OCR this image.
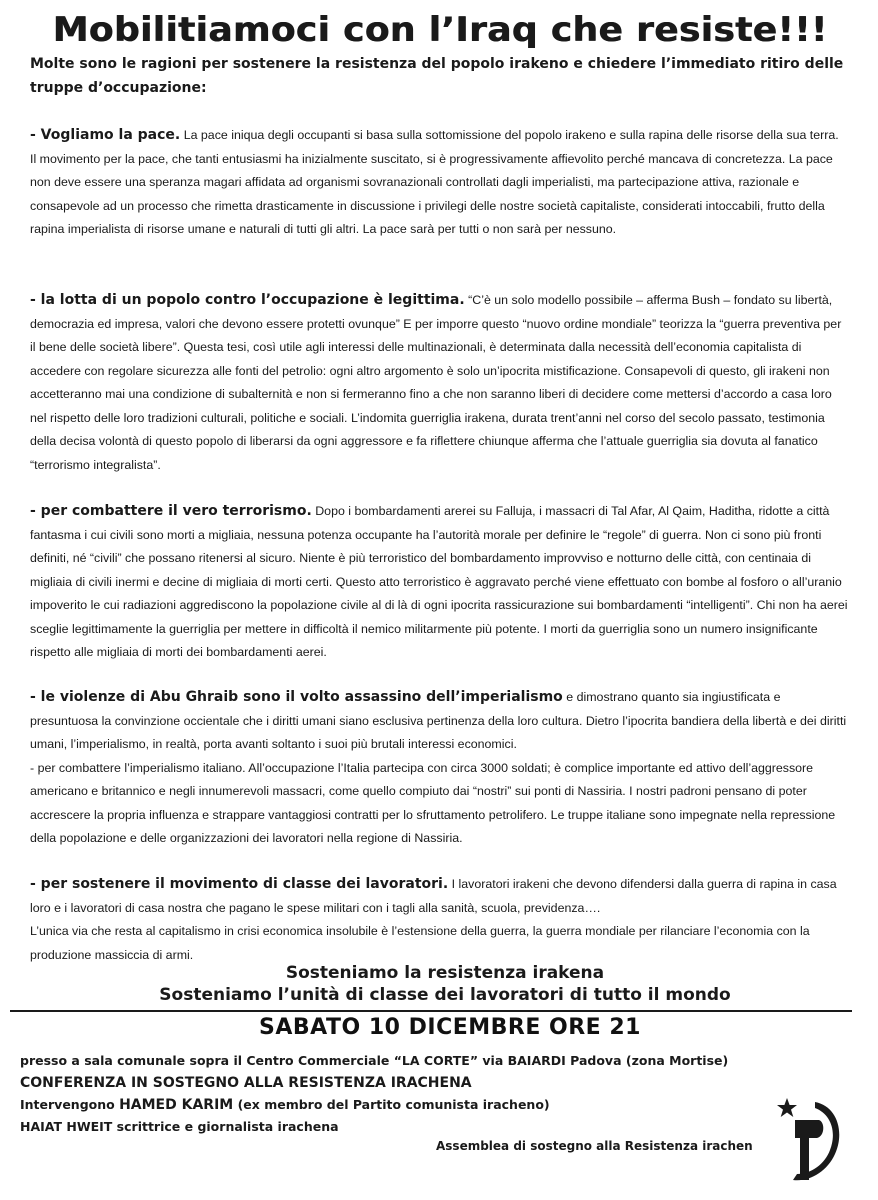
Mobilitiamoci con l’Iraq che resiste!!!
Molte sono le ragioni per sostenere la resistenza del popolo irakeno e chiedere l’immediato ritiro delle truppe d’occupazione:
- Vogliamo la pace. La pace iniqua degli occupanti si basa sulla sottomissione del popolo irakeno e sulla rapina delle risorse della sua terra. Il movimento per la pace, che tanti entusiasmi ha inizialmente suscitato, si è progressivamente affievolito perché mancava di concretezza. La pace non deve essere una speranza magari affidata ad organismi sovranazionali controllati dagli imperialisti, ma partecipazione attiva, razionale e consapevole ad un processo che rimetta drasticamente in discussione i privilegi delle nostre società capitaliste, considerati intoccabili, frutto della rapina imperialista di risorse umane e naturali di tutti gli altri. La pace sarà per tutti o non sarà per nessuno.
- la lotta di un popolo contro l’occupazione è legittima. “C’è un solo modello possibile – afferma Bush – fondato su libertà, democrazia ed impresa, valori che devono essere protetti ovunque” E per imporre questo “nuovo ordine mondiale” teorizza la “guerra preventiva per il bene delle società libere”. Questa tesi, così utile agli interessi delle multinazionali, è determinata dalla necessità dell’economia capitalista di accedere con regolare sicurezza alle fonti del petrolio: ogni altro argomento è solo un’ipocrita mistificazione. Consapevoli di questo, gli irakeni non accetteranno mai una condizione di subalternità e non si fermeranno fino a che non saranno liberi di decidere come mettersi d’accordo a casa loro nel rispetto delle loro tradizioni culturali, politiche e sociali. L’indomita guerriglia irakena, durata trent’anni nel corso del secolo passato, testimonia della decisa volontà di questo popolo di liberarsi da ogni aggressore e fa riflettere chiunque afferma che l’attuale guerriglia sia dovuta al fanatico “terrorismo integralista”.
- per combattere il vero terrorismo. Dopo i bombardamenti arerei su Falluja, i massacri di Tal Afar, Al Qaim, Haditha, ridotte a città fantasma i cui civili sono morti a migliaia, nessuna potenza occupante ha l’autorità morale per definire le “regole” di guerra. Non ci sono più fronti definiti, né “civili” che possano ritenersi al sicuro. Niente è più terroristico del bombardamento improvviso e notturno delle città, con centinaia di migliaia di civili inermi e decine di migliaia di morti certi. Questo atto terroristico è aggravato perché viene effettuato con bombe al fosforo o all’uranio impoverito le cui radiazioni aggrediscono la popolazione civile al di là di ogni ipocrita rassicurazione sui bombardamenti “intelligenti”. Chi non ha aerei sceglie legittimamente la guerriglia per mettere in difficoltà il nemico militarmente più potente. I morti da guerriglia sono un numero insignificante rispetto alle migliaia di morti dei bombardamenti aerei.
- le violenze di Abu Ghraib sono il volto assassino dell’imperialismo e dimostrano quanto sia ingiustificata e presuntuosa la convinzione occientale che i diritti umani siano esclusiva pertinenza della loro cultura. Dietro l’ipocrita bandiera della libertà e dei diritti umani, l’imperialismo, in realtà, porta avanti soltanto i suoi più brutali interessi economici.
- per combattere l’imperialismo italiano. All’occupazione l’Italia partecipa con circa 3000 soldati; è complice importante ed attivo dell’aggressore americano e britannico e negli innumerevoli massacri, come quello compiuto dai “nostri” sui ponti di Nassiria. I nostri padroni pensano di poter accrescere la propria influenza e strappare vantaggiosi contratti per lo sfruttamento petrolifero. Le truppe italiane sono impegnate nella repressione della popolazione e delle organizzazioni dei lavoratori nella regione di Nassiria.
- per sostenere il movimento di classe dei lavoratori. I lavoratori irakeni che devono difendersi dalla guerra di rapina in casa loro e i lavoratori di casa nostra che pagano le spese militari con i tagli alla sanità, scuola, previdenza….
L’unica via che resta al capitalismo in crisi economica insolubile è l’estensione della guerra, la guerra mondiale per rilanciare l’economia con la produzione massiccia di armi.
Sosteniamo la resistenza irakena
Sosteniamo l’unità di classe dei lavoratori di tutto il mondo
SABATO 10 DICEMBRE ORE 21
presso a sala comunale sopra il Centro Commerciale “LA CORTE” via BAIARDI Padova (zona Mortise)
CONFERENZA IN SOSTEGNO ALLA RESISTENZA IRACHENA
Intervengono HAMED KARIM (ex membro del Partito comunista iracheno)
HAIAT HWEIT scrittrice e giornalista irachena
Assemblea di sostegno alla Resistenza irachen
